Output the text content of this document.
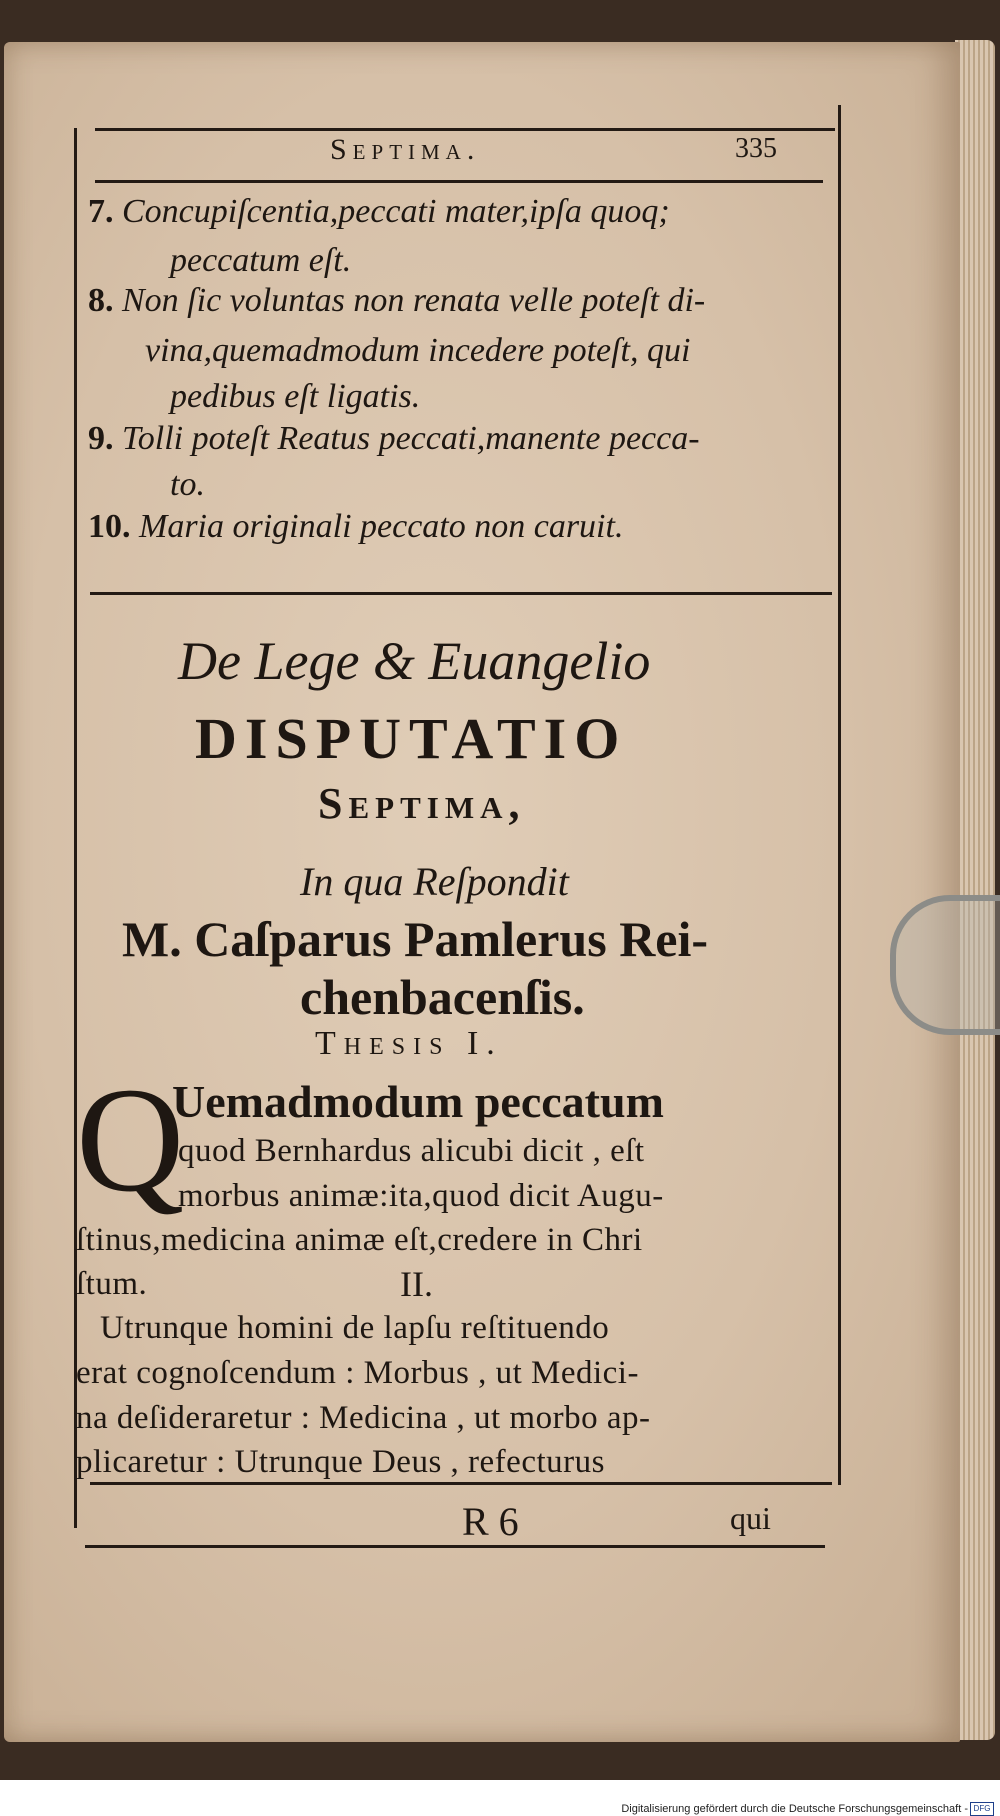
Septima.	335
7. Concupiſcentia,peccati mater,ipſa quoq;
peccatum eſt.
8. Non ſic voluntas non renata velle poteſt di-
vina,quemadmodum incedere poteſt, qui
pedibus eſt ligatis.
9. Tolli poteſt Reatus peccati,manente pecca-
to.
10. Maria originali peccato non caruit.
De Lege & Euangelio
DISPUTATIO
Septima,
In qua Reſpondit
M. Caſparus Pamlerus Rei-
chenbacenſis.
Thesis I.
Q
Uemadmodum peccatum
quod Bernhardus alicubi dicit , eſt
morbus animæ:ita,quod dicit Augu-
ſtinus,medicina animæ eſt,credere in Chri
ſtum.	II.
Utrunque homini de lapſu reſtituendo
erat cognoſcendum : Morbus , ut Medici-
na deſideraretur : Medicina , ut morbo ap-
plicaretur : Utrunque Deus , refecturus
R 6	qui
Digitalisierung gefördert durch die Deutsche Forschungsgemeinschaft - DFG
